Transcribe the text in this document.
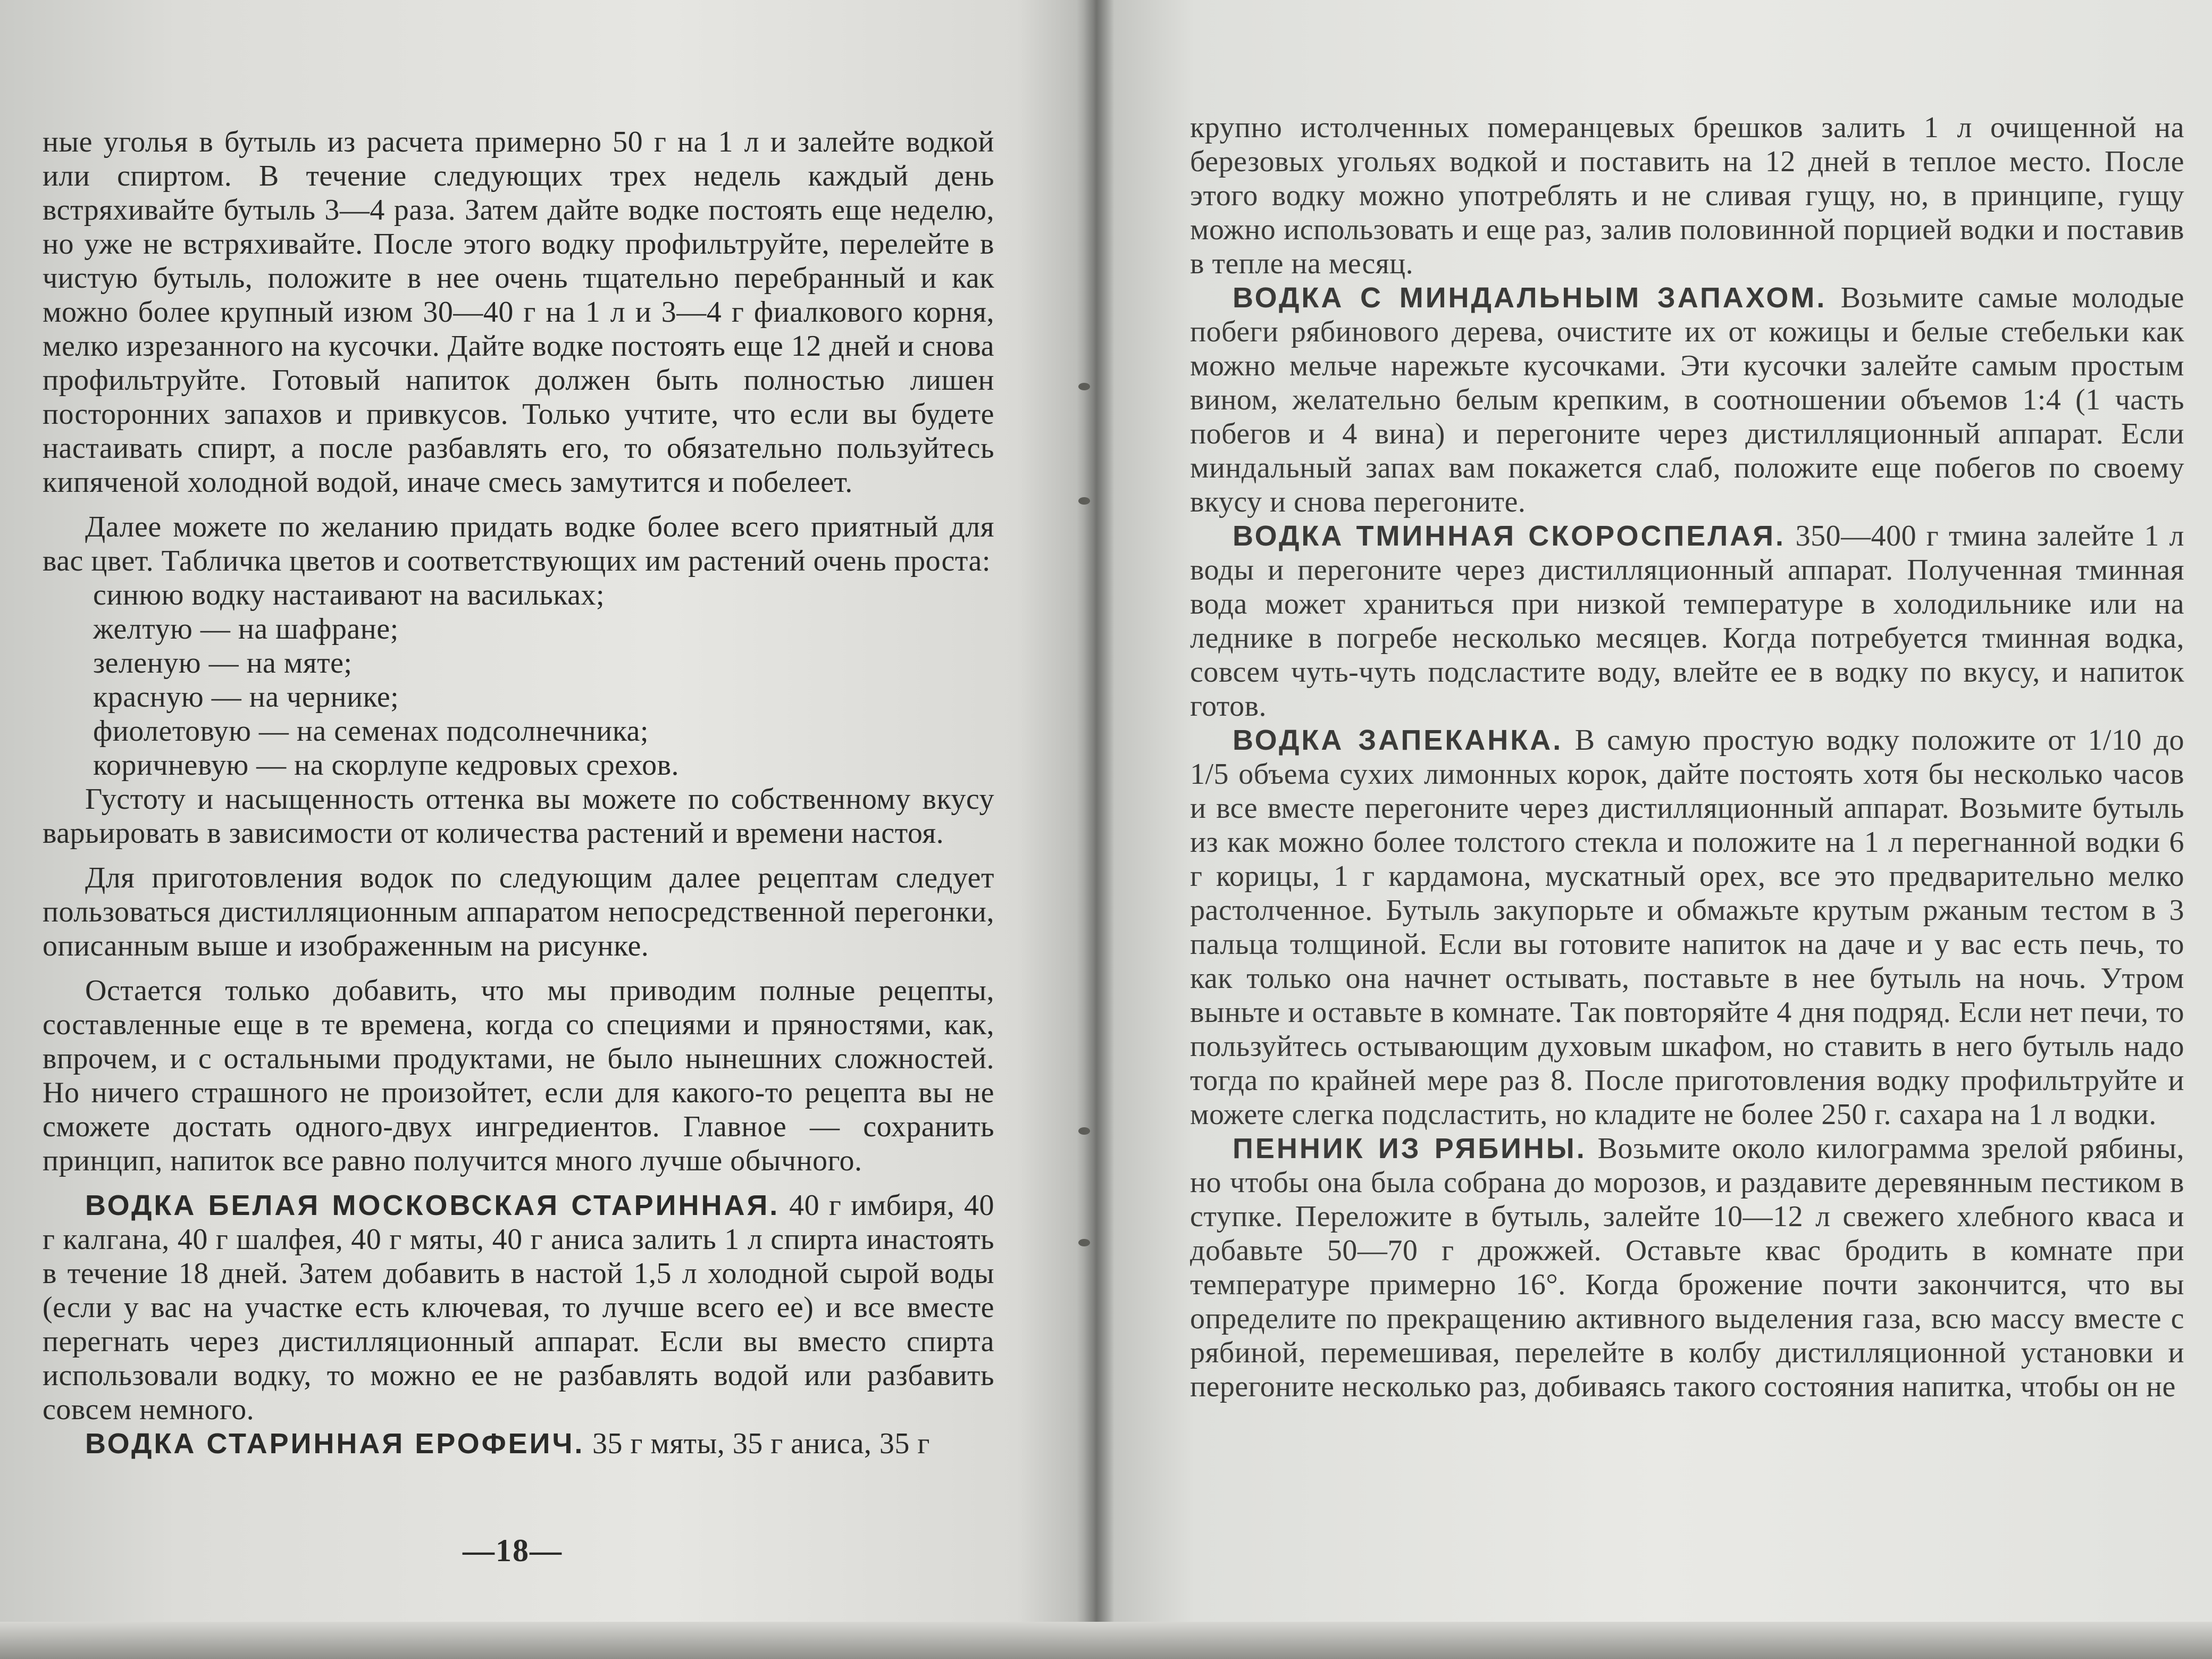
ные уголья в бутыль из расчета примерно 50 г на 1 л и залейте водкой или спиртом. В течение следующих трех недель каждый день встряхивайте бутыль 3—4 раза. Затем дайте водке постоять еще неделю, но уже не встряхивайте. После этого водку профильтруйте, перелейте в чистую бутыль, положите в нее очень тщательно перебранный и как можно более крупный изюм 30—40 г на 1 л и 3—4 г фиалкового корня, мелко изрезанного на кусочки. Дайте водке постоять еще 12 дней и снова профильтруйте. Готовый напиток должен быть полностью лишен посторонних запахов и привкусов. Только учтите, что если вы будете настаивать спирт, а после разбавлять его, то обязательно пользуйтесь кипяченой холодной водой, иначе смесь замутится и побелеет.

Далее можете по желанию придать водке более всего приятный для вас цвет. Табличка цветов и соответствующих им растений очень проста:

синюю водку настаивают на васильках;

желтую — на шафране;

зеленую — на мяте;

красную — на чернике;

фиолетовую — на семенах подсолнечника;

коричневую — на скорлупе кедровых срехов.

Густоту и насыщенность оттенка вы можете по собственному вкусу варьировать в зависимости от количества растений и времени настоя.

Для приготовления водок по следующим далее рецептам следует пользоваться дистилляционным аппаратом непосредственной перегонки, описанным выше и изображенным на рисунке.

Остается только добавить, что мы приводим полные рецепты, составленные еще в те времена, когда со специями и пряностями, как, впрочем, и с остальными продуктами, не было нынешних сложностей. Но ничего страшного не произойтет, если для какого-то рецепта вы не сможете достать одного-двух ингредиентов. Главное — сохранить принцип, напиток все равно получится много лучше обычного.

ВОДКА БЕЛАЯ МОСКОВСКАЯ СТАРИННАЯ. 40 г имбиря, 40 г калгана, 40 г шалфея, 40 г мяты, 40 г аниса залить 1 л спирта инастоять в течение 18 дней. Затем добавить в настой 1,5 л холодной сырой воды (если у вас на участке есть ключевая, то лучше всего ее) и все вместе перегнать через дистилляционный аппарат. Если вы вместо спирта использовали водку, то можно ее не разбавлять водой или разбавить совсем немного.

ВОДКА СТАРИННАЯ ЕРОФЕИЧ. 35 г мяты, 35 г аниса, 35 г

—18—

крупно истолченных померанцевых брешков залить 1 л очищенной на березовых угольях водкой и поставить на 12 дней в теплое место. После этого водку можно употреблять и не сливая гущу, но, в принципе, гущу можно использовать и еще раз, залив половинной порцией водки и поставив в тепле на месяц.

ВОДКА С МИНДАЛЬНЫМ ЗАПАХОМ. Возьмите самые молодые побеги рябинового дерева, очистите их от кожицы и белые стебельки как можно мельче нарежьте кусочками. Эти кусочки залейте самым простым вином, желательно белым крепким, в соотношении объемов 1:4 (1 часть побегов и 4 вина) и перегоните через дистилляционный аппарат. Если миндальный запах вам покажется слаб, положите еще побегов по своему вкусу и снова перегоните.

ВОДКА ТМИННАЯ СКОРОСПЕЛАЯ. 350—400 г тмина залейте 1 л воды и перегоните через дистилляционный аппарат. Полученная тминная вода может храниться при низкой температуре в холодильнике или на леднике в погребе несколько месяцев. Когда потребуется тминная водка, совсем чуть-чуть подсластите воду, влейте ее в водку по вкусу, и напиток готов.

ВОДКА ЗАПЕКАНКА. В самую простую водку положите от 1/10 до 1/5 объема сухих лимонных корок, дайте постоять хотя бы несколько часов и все вместе перегоните через дистилляционный аппарат. Возьмите бутыль из как можно более толстого стекла и положите на 1 л перегнанной водки 6 г корицы, 1 г кардамона, мускатный орех, все это предварительно мелко растолченное. Бутыль закупорьте и обмажьте крутым ржаным тестом в 3 пальца толщиной. Если вы готовите напиток на даче и у вас есть печь, то как только она начнет остывать, поставьте в нее бутыль на ночь. Утром выньте и оставьте в комнате. Так повторяйте 4 дня подряд. Если нет печи, то пользуйтесь остывающим духовым шкафом, но ставить в него бутыль надо тогда по крайней мере раз 8. После приготовления водку профильтруйте и можете слегка подсластить, но кладите не более 250 г. сахара на 1 л водки.

ПЕННИК ИЗ РЯБИНЫ. Возьмите около килограмма зрелой рябины, но чтобы она была собрана до морозов, и раздавите деревянным пестиком в ступке. Переложите в бутыль, залейте 10—12 л свежего хлебного кваса и добавьте 50—70 г дрожжей. Оставьте квас бродить в комнате при температуре примерно 16°. Когда брожение почти закончится, что вы определите по прекращению активного выделения газа, всю массу вместе с рябиной, перемешивая, перелейте в колбу дистилляционной установки и перегоните несколько раз, добиваясь такого состояния напитка, чтобы он не
